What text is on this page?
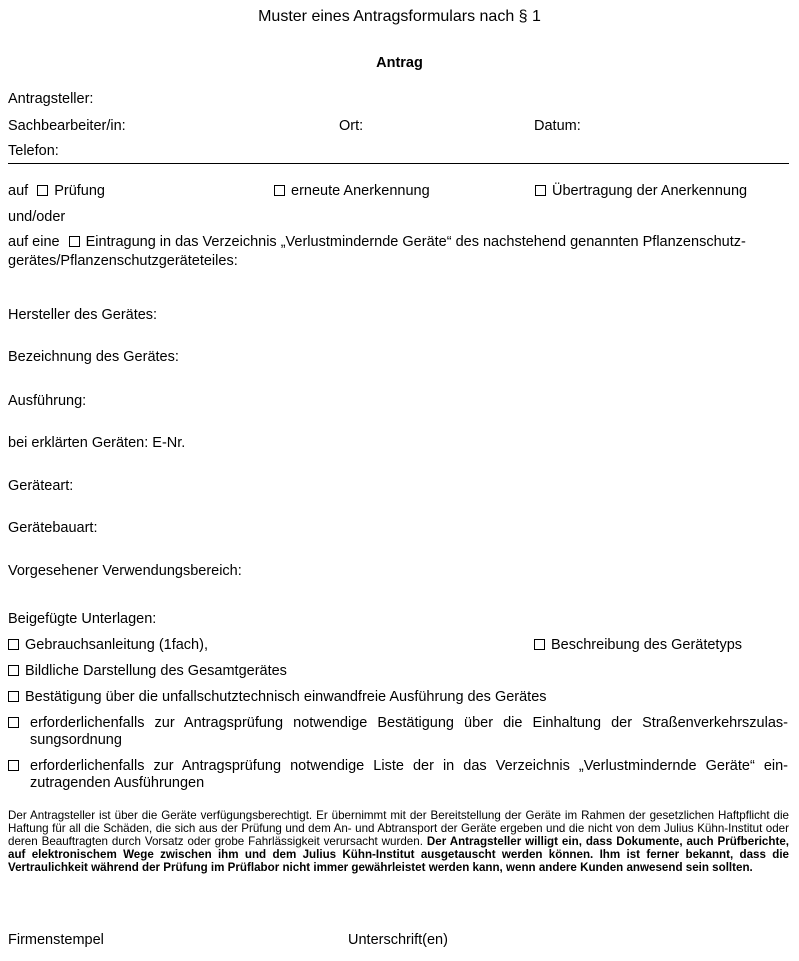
Muster eines Antragsformulars nach § 1
Antrag
Antragsteller:
Sachbearbeiter/in:	Ort:	Datum:
Telefon:
auf Prüfung	erneute Anerkennung	Übertragung der Anerkennung
und/oder
auf eine Eintragung in das Verzeichnis „Verlustmindernde Geräte“ des nachstehend genannten Pflanzenschutz-
gerätes/Pflanzenschutzgeräteteiles:
Hersteller des Gerätes:
Bezeichnung des Gerätes:
Ausführung:
bei erklärten Geräten: E-Nr.
Geräteart:
Gerätebauart:
Vorgesehener Verwendungsbereich:
Beigefügte Unterlagen:
Gebrauchsanleitung (1fach),	Beschreibung des Gerätetyps
Bildliche Darstellung des Gesamtgerätes
Bestätigung über die unfallschutztechnisch einwandfreie Ausführung des Gerätes
erforderlichenfalls zur Antragsprüfung notwendige Bestätigung über die Einhaltung der Straßenverkehrszulas-sungsordnung
erforderlichenfalls zur Antragsprüfung notwendige Liste der in das Verzeichnis „Verlustmindernde Geräte“ ein-zutragenden Ausführungen
Der Antragsteller ist über die Geräte verfügungsberechtigt. Er übernimmt mit der Bereitstellung der Geräte im Rahmen der gesetzlichen Haftpflicht die Haftung für all die Schäden, die sich aus der Prüfung und dem An- und Abtransport der Geräte ergeben und die nicht von dem Julius Kühn-Institut oder deren Beauftragten durch Vorsatz oder grobe Fahrlässigkeit verursacht wurden. Der Antragsteller willigt ein, dass Dokumente, auch Prüfberichte, auf elektronischem Wege zwischen ihm und dem Julius Kühn-Institut ausgetauscht werden können. Ihm ist ferner bekannt, dass die Vertraulichkeit während der Prüfung im Prüflabor nicht immer gewährleistet werden kann, wenn andere Kunden anwesend sein sollten.
Firmenstempel	Unterschrift(en)
